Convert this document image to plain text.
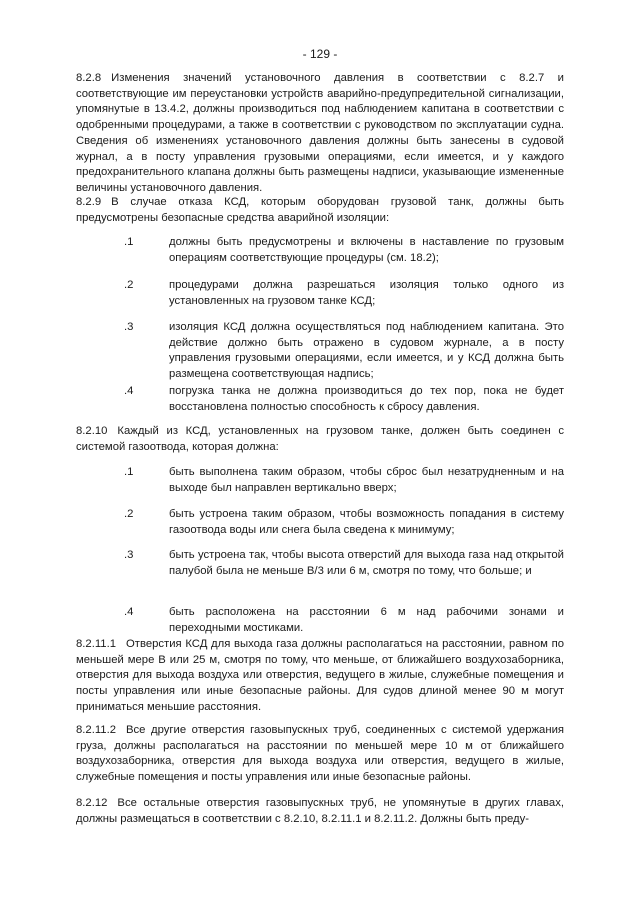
- 129 -

8.2.8 Изменения значений установочного давления в соответствии с 8.2.7 и соответствующие им переустановки устройств аварийно-предупредительной сигнализации, упомянутые в 13.4.2, должны производиться под наблюдением капитана в соответствии с одобренными процедурами, а также в соответствии с руководством по эксплуатации судна. Сведения об изменениях установочного давления должны быть занесены в судовой журнал, а в посту управления грузовыми операциями, если имеется, и у каждого предохранительного клапана должны быть размещены надписи, указывающие измененные величины установочного давления.

8.2.9 В случае отказа КСД, которым оборудован грузовой танк, должны быть предусмотрены безопасные средства аварийной изоляции:

.1	должны быть предусмотрены и включены в наставление по грузовым операциям соответствующие процедуры (см. 18.2);

.2	процедурами должна разрешаться изоляция только одного из установленных на грузовом танке КСД;

.3	изоляция КСД должна осуществляться под наблюдением капитана. Это действие должно быть отражено в судовом журнале, а в посту управления грузовыми операциями, если имеется, и у КСД должна быть размещена соответствующая надпись;

.4	погрузка танка не должна производиться до тех пор, пока не будет восстановлена полностью способность к сбросу давления.

8.2.10 Каждый из КСД, установленных на грузовом танке, должен быть соединен с системой газоотвода, которая должна:

.1	быть выполнена таким образом, чтобы сброс был незатрудненным и на выходе был направлен вертикально вверх;

.2	быть устроена таким образом, чтобы возможность попадания в систему газоотвода воды или снега была сведена к минимуму;

.3	быть устроена так, чтобы высота отверстий для выхода газа над открытой палубой была не меньше В/3 или 6 м, смотря по тому, что больше; и

.4	быть расположена на расстоянии 6 м над рабочими зонами и переходными мостиками.

8.2.11.1 Отверстия КСД для выхода газа должны располагаться на расстоянии, равном по меньшей мере В или 25 м, смотря по тому, что меньше, от ближайшего воздухозаборника, отверстия для выхода воздуха или отверстия, ведущего в жилые, служебные помещения и посты управления или иные безопасные районы. Для судов длиной менее 90 м могут приниматься меньшие расстояния.

8.2.11.2 Все другие отверстия газовыпускных труб, соединенных с системой удержания груза, должны располагаться на расстоянии по меньшей мере 10 м от ближайшего воздухозаборника, отверстия для выхода воздуха или отверстия, ведущего в жилые, служебные помещения и посты управления или иные безопасные районы.

8.2.12 Все остальные отверстия газовыпускных труб, не упомянутые в других главах, должны размещаться в соответствии с 8.2.10, 8.2.11.1 и 8.2.11.2. Должны быть преду-
